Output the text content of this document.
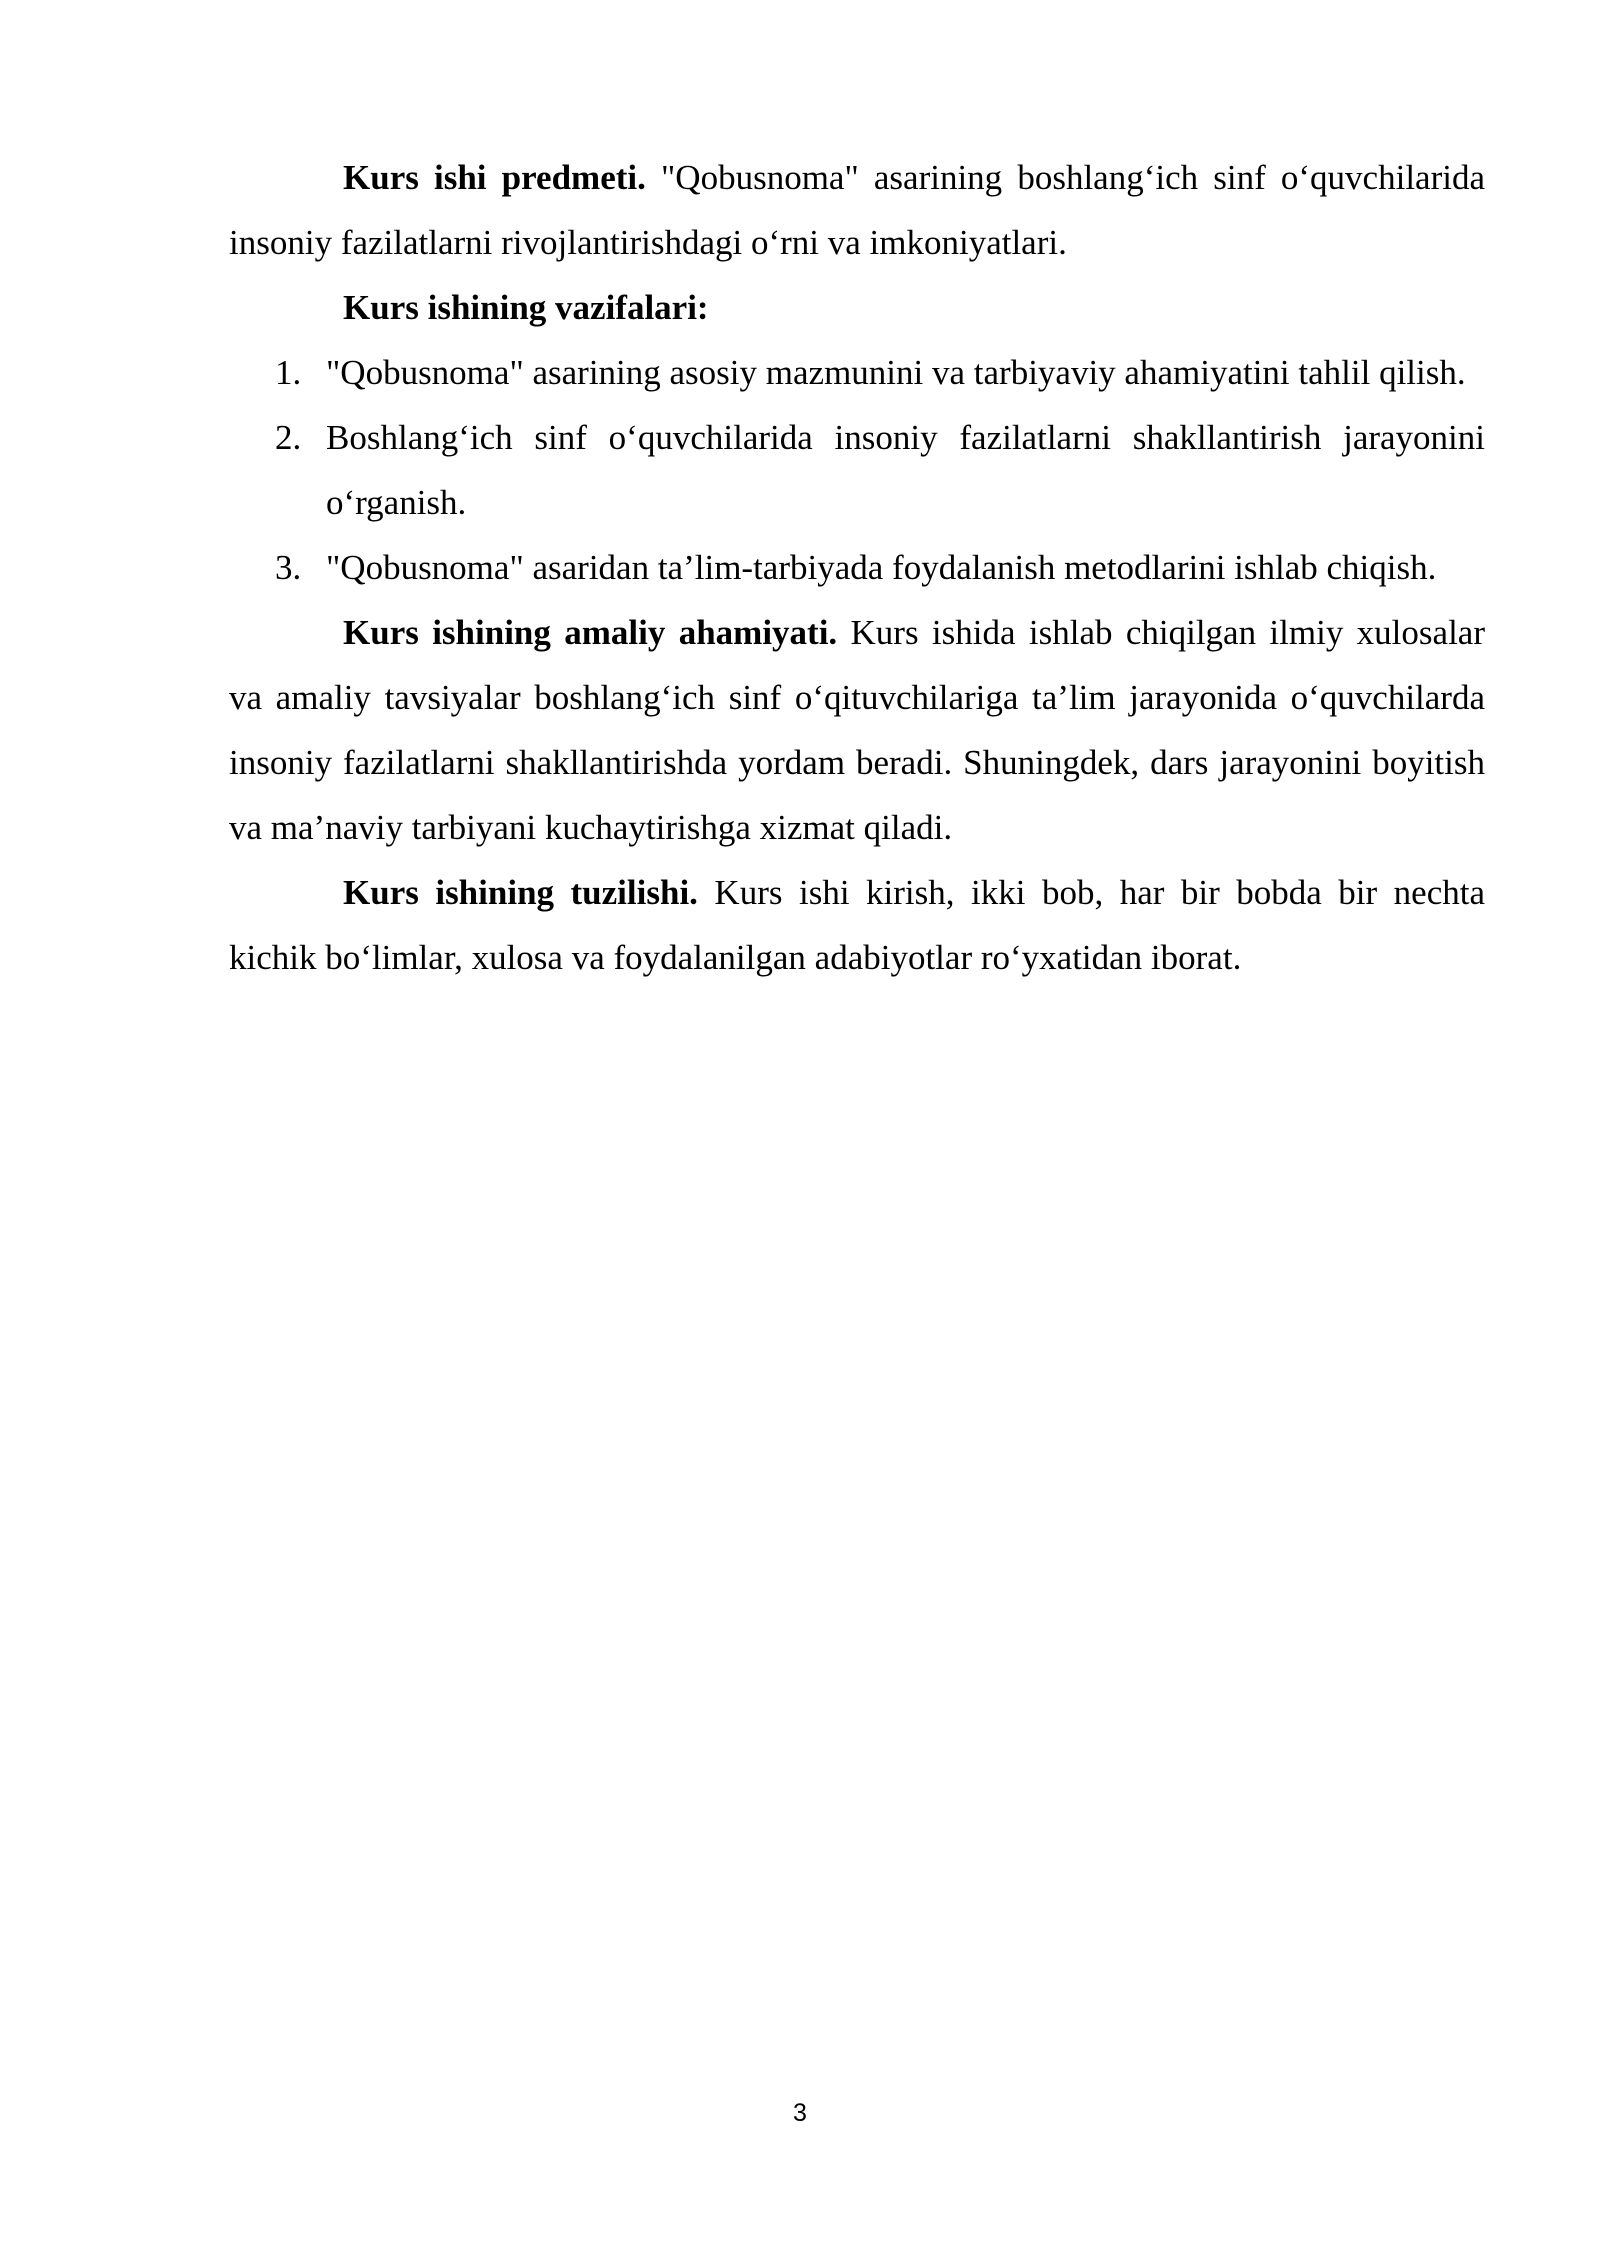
Kurs ishi predmeti. "Qobusnoma" asarining boshlang‘ich sinf o‘quvchilarida insoniy fazilatlarni rivojlantirishdagi o‘rni va imkoniyatlari.

Kurs ishining vazifalari:
1. "Qobusnoma" asarining asosiy mazmunini va tarbiyaviy ahamiyatini tahlil qilish.
2. Boshlang‘ich sinf o‘quvchilarida insoniy fazilatlarni shakllantirish jarayonini o‘rganish.
3. "Qobusnoma" asaridan ta’lim-tarbiyada foydalanish metodlarini ishlab chiqish.

Kurs ishining amaliy ahamiyati. Kurs ishida ishlab chiqilgan ilmiy xulosalar va amaliy tavsiyalar boshlang‘ich sinf o‘qituvchilariga ta’lim jarayonida o‘quvchilarda insoniy fazilatlarni shakllantirishda yordam beradi. Shuningdek, dars jarayonini boyitish va ma’naviy tarbiyani kuchaytirishga xizmat qiladi.

Kurs ishining tuzilishi. Kurs ishi kirish, ikki bob, har bir bobda bir nechta kichik bo‘limlar, xulosa va foydalanilgan adabiyotlar ro‘yxatidan iborat.

3
